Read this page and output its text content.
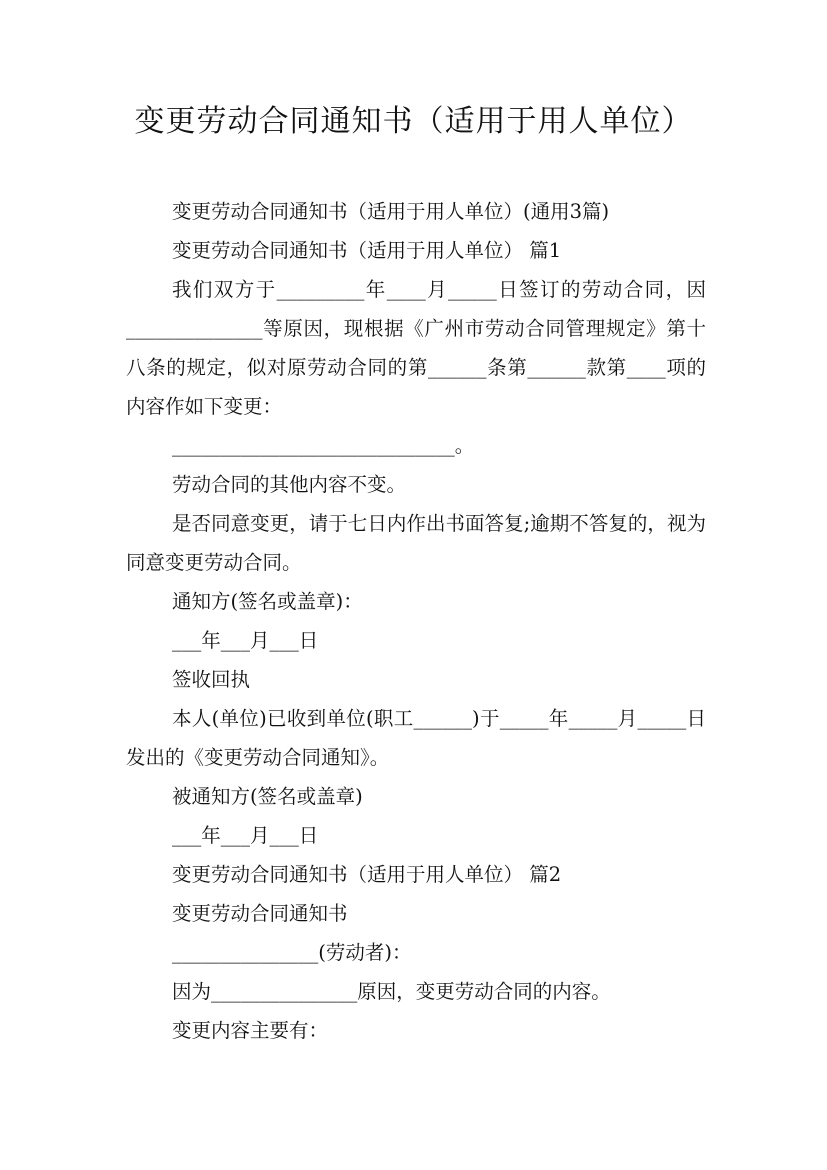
变更劳动合同通知书（适用于用人单位）

变更劳动合同通知书（适用于用人单位）(通用3篇)

变更劳动合同通知书（适用于用人单位） 篇1

我们双方于_________年____月_____日签订的劳动合同，因______________等原因，现根据《广州市劳动合同管理规定》第十八条的规定，似对原劳动合同的第______条第______款第____项的内容作如下变更：

_____________________________。

劳动合同的其他内容不变。

是否同意变更，请于七日内作出书面答复;逾期不答复的，视为同意变更劳动合同。

通知方(签名或盖章)：

___年___月___日

签收回执

本人(单位)已收到单位(职工______)于_____年_____月_____日发出的《变更劳动合同通知》。

被通知方(签名或盖章)

___年___月___日

变更劳动合同通知书（适用于用人单位） 篇2

变更劳动合同通知书

_______________(劳动者)：

因为_______________原因，变更劳动合同的内容。

变更内容主要有：
